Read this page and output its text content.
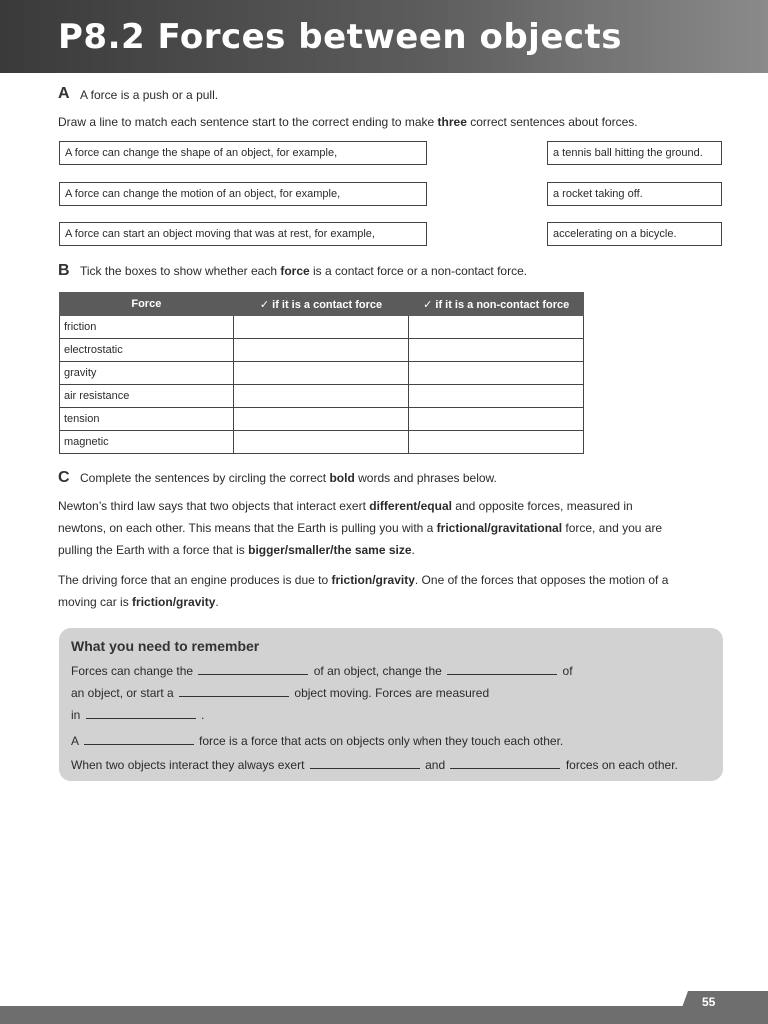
P8.2 Forces between objects
A A force is a push or a pull.
Draw a line to match each sentence start to the correct ending to make three correct sentences about forces.
A force can change the shape of an object, for example,
A force can change the motion of an object, for example,
A force can start an object moving that was at rest, for example,
a tennis ball hitting the ground.
a rocket taking off.
accelerating on a bicycle.
B Tick the boxes to show whether each force is a contact force or a non-contact force.
Force	✓ if it is a contact force	✓ if it is a non-contact force
friction		
electrostatic		
gravity		
air resistance		
tension		
magnetic		
C Complete the sentences by circling the correct bold words and phrases below.
Newton’s third law says that two objects that interact exert different/equal and opposite forces, measured in
newtons, on each other. This means that the Earth is pulling you with a frictional/gravitational force, and you are
pulling the Earth with a force that is bigger/smaller/the same size.
The driving force that an engine produces is due to friction/gravity. One of the forces that opposes the motion of a
moving car is friction/gravity.
What you need to remember
Forces can change the	of an object, change the	of
an object, or start a	object moving. Forces are measured
in	.
A	force is a force that acts on objects only when they touch each other.
When two objects interact they always exert	and	forces on each other.
55
